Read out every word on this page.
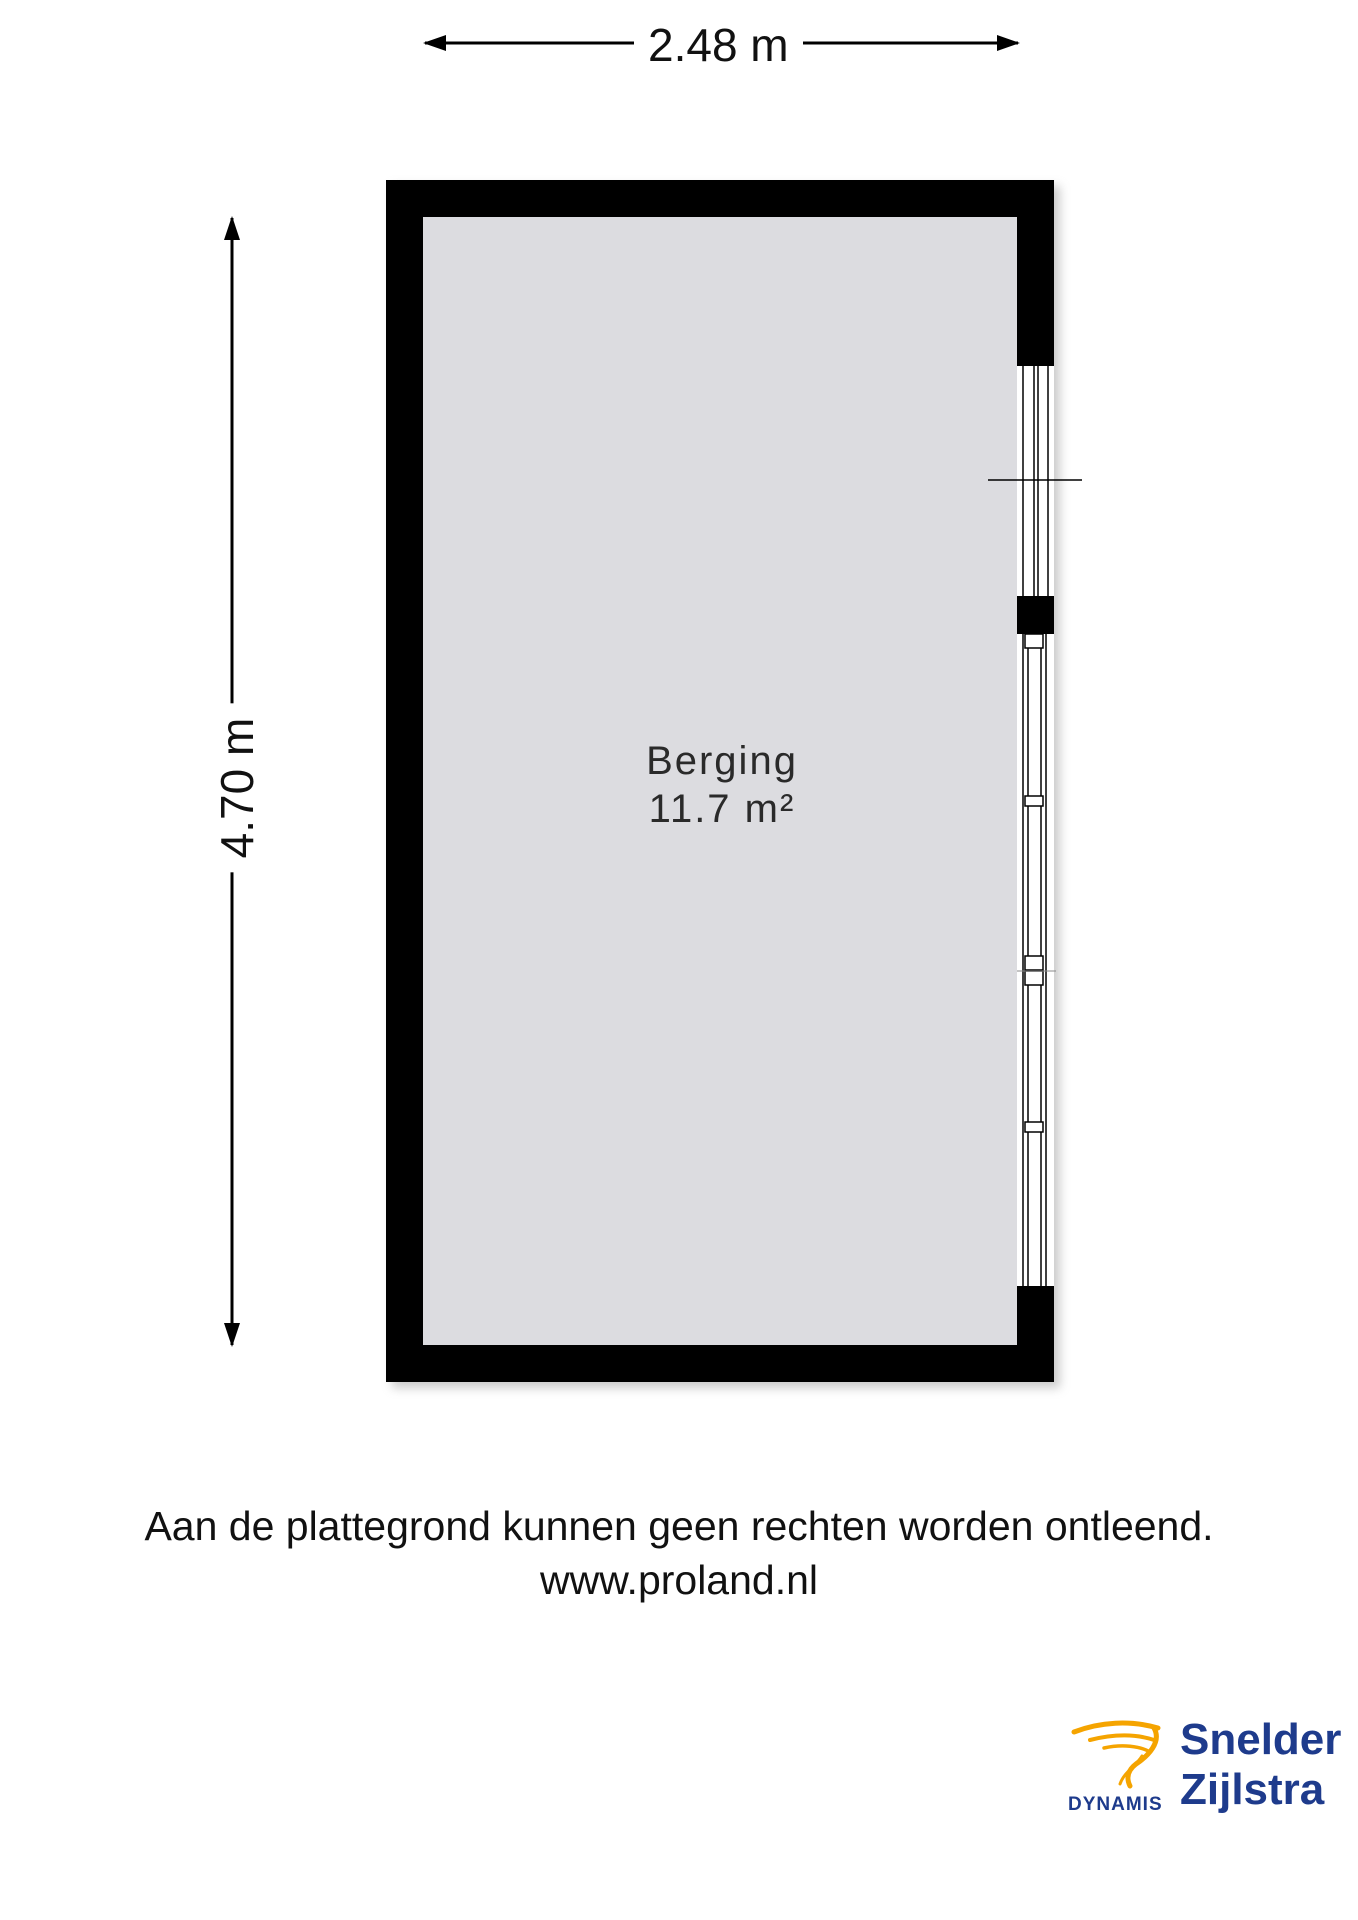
2.48 m
4.70 m	Berging
11.7 m²
Aan de plattegrond kunnen geen rechten worden ontleend.
www.proland.nl
DYNAMIS
Snelder
Zijlstra
